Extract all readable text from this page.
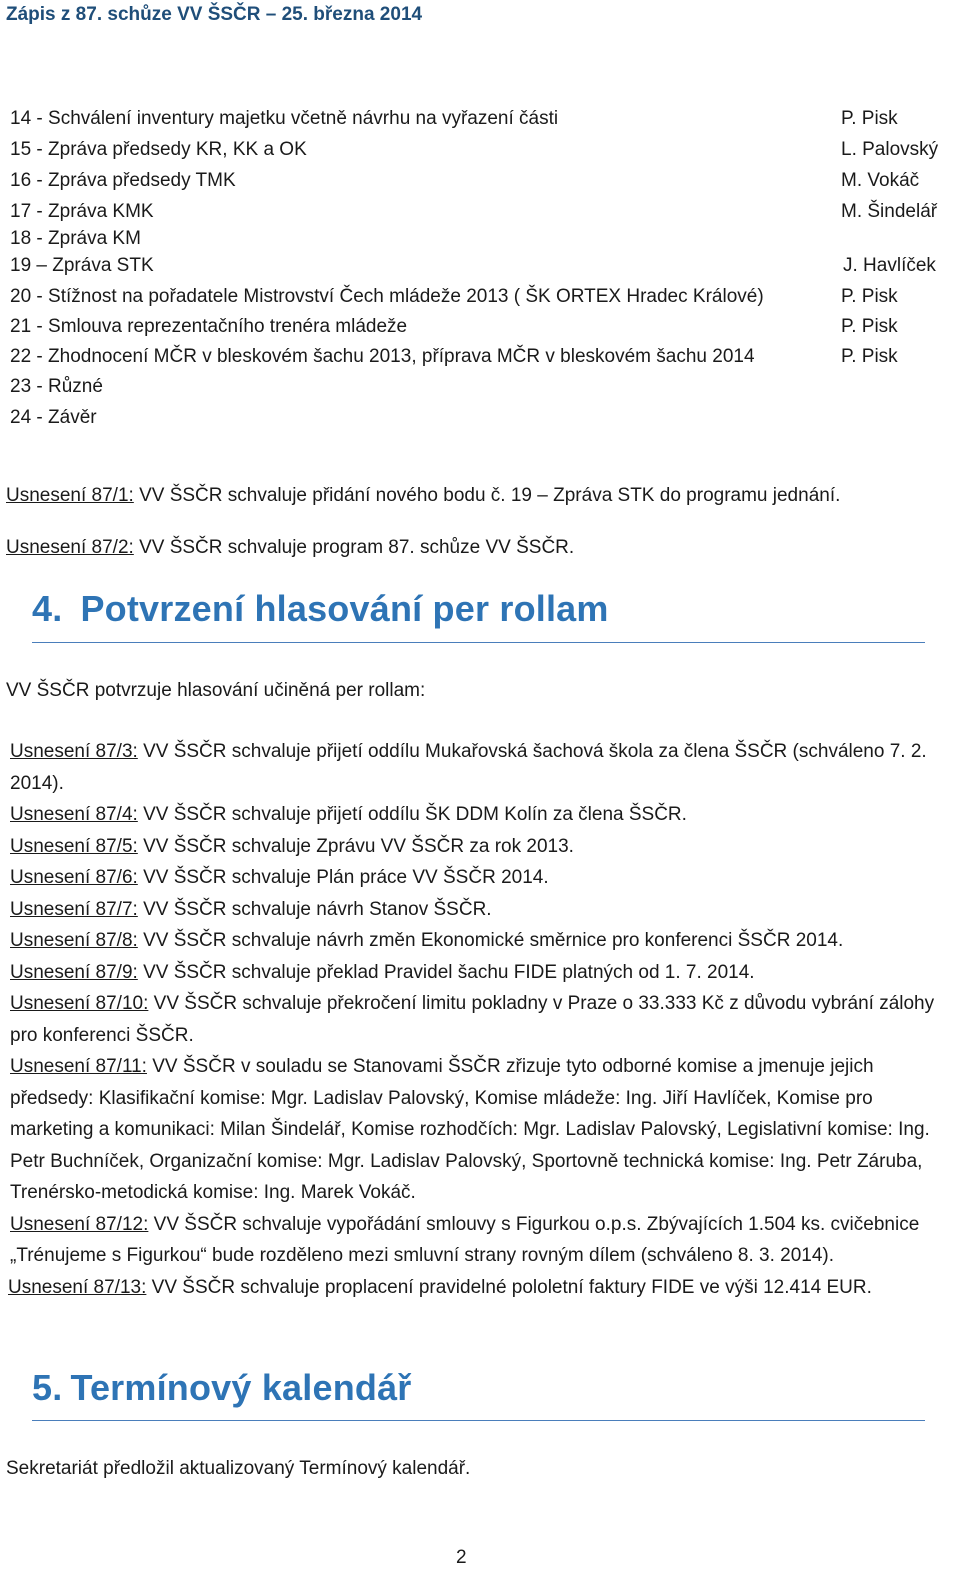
Zápis z 87. schůze VV ŠSČR – 25. března 2014
14 - Schválení inventury majetku včetně návrhu na vyřazení části	P. Pisk
15 - Zpráva předsedy KR, KK a OK	L. Palovský
16 - Zpráva předsedy TMK	M. Vokáč
17 - Zpráva KMK	M. Šindelář
18 - Zpráva KM
19 – Zpráva STK	J. Havlíček
20 - Stížnost na pořadatele Mistrovství Čech mládeže 2013 ( ŠK ORTEX Hradec Králové)	P. Pisk
21 - Smlouva reprezentačního trenéra mládeže	P. Pisk
22 - Zhodnocení MČR v bleskovém šachu 2013, příprava MČR v bleskovém šachu 2014	P. Pisk
23 - Různé
24 - Závěr
Usnesení 87/1: VV ŠSČR schvaluje přidání nového bodu č. 19 – Zpráva STK do programu jednání.
Usnesení 87/2: VV ŠSČR schvaluje program 87. schůze VV ŠSČR.
4. Potvrzení hlasování per rollam
VV ŠSČR potvrzuje hlasování učiněná per rollam:
Usnesení 87/3: VV ŠSČR schvaluje přijetí oddílu Mukařovská šachová škola za člena ŠSČR (schváleno 7. 2. 2014).
Usnesení 87/4: VV ŠSČR schvaluje přijetí oddílu ŠK DDM Kolín za člena ŠSČR.
Usnesení 87/5: VV ŠSČR schvaluje Zprávu VV ŠSČR za rok 2013.
Usnesení 87/6: VV ŠSČR schvaluje Plán práce VV ŠSČR 2014.
Usnesení 87/7: VV ŠSČR schvaluje návrh Stanov ŠSČR.
Usnesení 87/8: VV ŠSČR schvaluje návrh změn Ekonomické směrnice pro konferenci ŠSČR 2014.
Usnesení 87/9: VV ŠSČR schvaluje překlad Pravidel šachu FIDE platných od 1. 7. 2014.
Usnesení 87/10: VV ŠSČR schvaluje překročení limitu pokladny v Praze o 33.333 Kč z důvodu vybrání zálohy pro konferenci ŠSČR.
Usnesení 87/11: VV ŠSČR v souladu se Stanovami ŠSČR zřizuje tyto odborné komise a jmenuje jejich předsedy: Klasifikační komise: Mgr. Ladislav Palovský, Komise mládeže: Ing. Jiří Havlíček, Komise pro marketing a komunikaci: Milan Šindelář, Komise rozhodčích: Mgr. Ladislav Palovský, Legislativní komise: Ing. Petr Buchníček, Organizační komise: Mgr. Ladislav Palovský, Sportovně technická komise: Ing. Petr Záruba, Trenérsko-metodická komise: Ing. Marek Vokáč.
Usnesení 87/12: VV ŠSČR schvaluje vypořádání smlouvy s Figurkou o.p.s. Zbývajících 1.504 ks. cvičebnice „Trénujeme s Figurkou“ bude rozděleno mezi smluvní strany rovným dílem (schváleno 8. 3. 2014).
Usnesení 87/13: VV ŠSČR schvaluje proplacení pravidelné pololetní faktury FIDE ve výši 12.414 EUR.
5. Termínový kalendář
Sekretariát předložil aktualizovaný Termínový kalendář.
2
